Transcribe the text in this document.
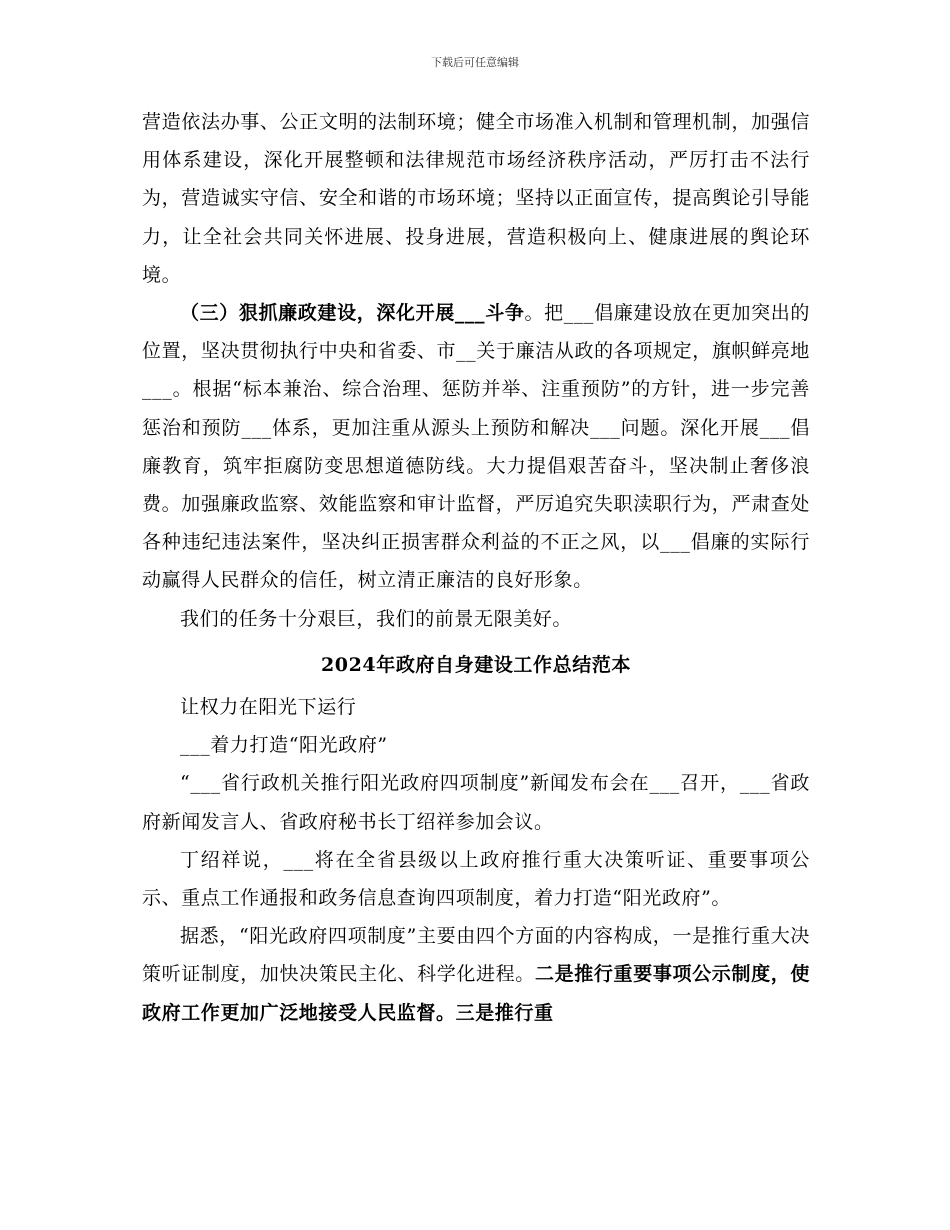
下载后可任意编辑

营造依法办事、公正文明的法制环境；健全市场准入机制和管理机制，加强信用体系建设，深化开展整顿和法律规范市场经济秩序活动，严厉打击不法行为，营造诚实守信、安全和谐的市场环境；坚持以正面宣传，提高舆论引导能力，让全社会共同关怀进展、投身进展，营造积极向上、健康进展的舆论环境。

（三）狠抓廉政建设，深化开展___斗争。把___倡廉建设放在更加突出的位置，坚决贯彻执行中央和省委、市__关于廉洁从政的各项规定，旗帜鲜亮地___。根据“标本兼治、综合治理、惩防并举、注重预防”的方针，进一步完善惩治和预防___体系，更加注重从源头上预防和解决___问题。深化开展___倡廉教育，筑牢拒腐防变思想道德防线。大力提倡艰苦奋斗，坚决制止奢侈浪费。加强廉政监察、效能监察和审计监督，严厉追究失职渎职行为，严肃查处各种违纪违法案件，坚决纠正损害群众利益的不正之风，以___倡廉的实际行动赢得人民群众的信任，树立清正廉洁的良好形象。

我们的任务十分艰巨，我们的前景无限美好。

2024年政府自身建设工作总结范本

让权力在阳光下运行

___着力打造“阳光政府”

“___省行政机关推行阳光政府四项制度”新闻发布会在___召开，___省政府新闻发言人、省政府秘书长丁绍祥参加会议。

丁绍祥说，___将在全省县级以上政府推行重大决策听证、重要事项公示、重点工作通报和政务信息查询四项制度，着力打造“阳光政府”。

据悉，“阳光政府四项制度”主要由四个方面的内容构成，一是推行重大决策听证制度，加快决策民主化、科学化进程。二是推行重要事项公示制度，使政府工作更加广泛地接受人民监督。三是推行重
